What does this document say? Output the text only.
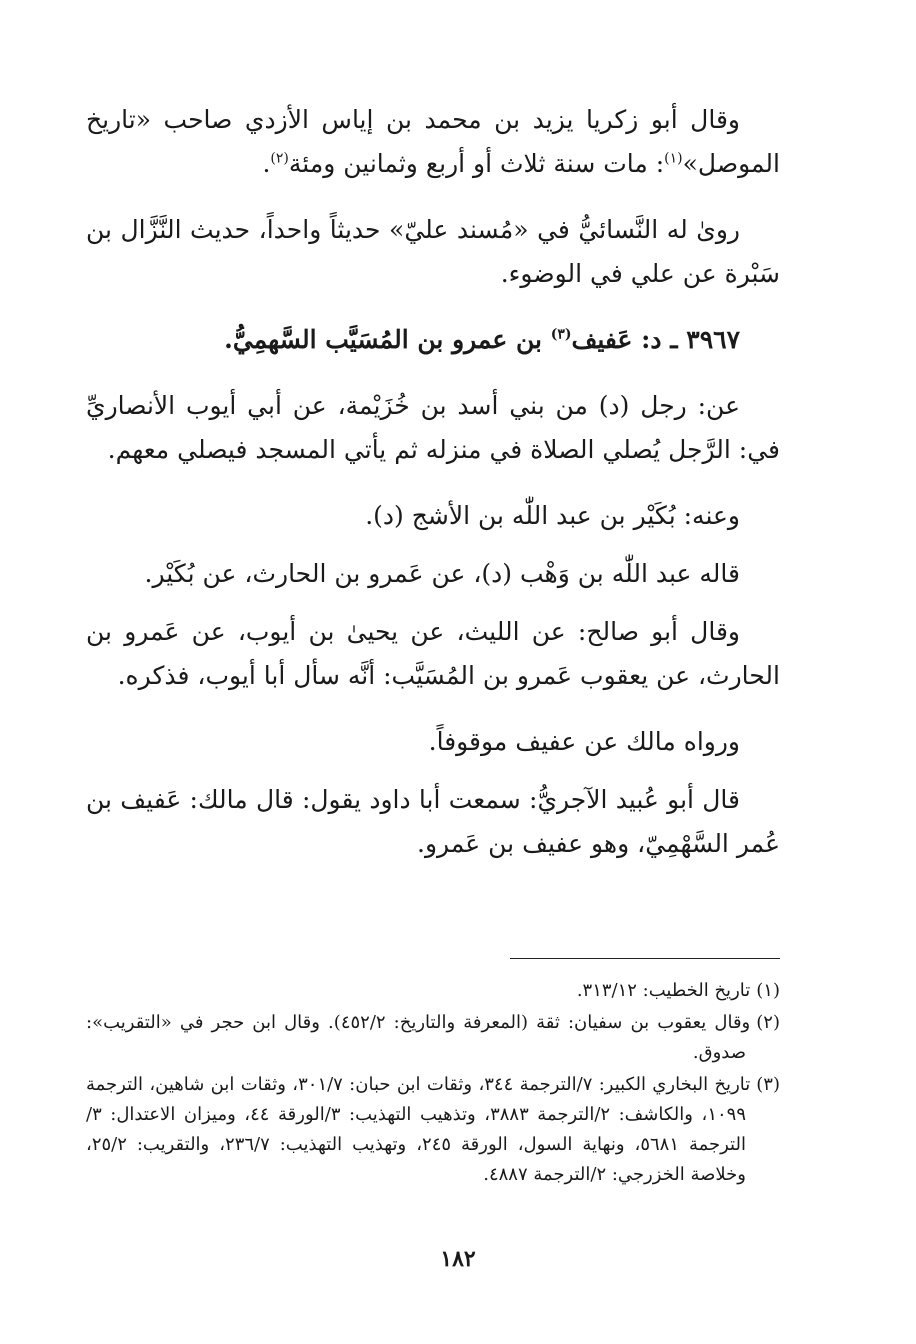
وقال أبو زكريا يزيد بن محمد بن إياس الأزدي صاحب «تاريخ الموصل»$^{(١)}$: مات سنة ثلاث أو أربع وثمانين ومئة$^{(٢)}$.

روىٰ له النَّسائيُّ في «مُسند عليّ» حديثاً واحداً، حديث النَّزَّال بن سَبْرة عن علي في الوضوء.

٣٩٦٧ ـ د: عَفيف$^{(٣)}$ بن عمرو بن المُسَيَّب السَّهمِيُّ.

عن: رجل (د) من بني أسد بن خُزَيْمة، عن أبي أيوب الأنصاريِّ في: الرَّجل يُصلي الصلاة في منزله ثم يأتي المسجد فيصلي معهم.

وعنه: بُكَيْر بن عبد اللّٰه بن الأشج (د).

قاله عبد اللّٰه بن وَهْب (د)، عن عَمرو بن الحارث، عن بُكَيْر.

وقال أبو صالح: عن الليث، عن يحيىٰ بن أيوب، عن عَمرو بن الحارث، عن يعقوب عَمرو بن المُسَيَّب: أنَّه سأل أبا أيوب، فذكره.

ورواه مالك عن عفيف موقوفاً.

قال أبو عُبيد الآجريُّ: سمعت أبا داود يقول: قال مالك: عَفيف بن عُمر السَّهْمِيّ، وهو عفيف بن عَمرو.

(١)تاريخ الخطيب: ٣١٣/١٢.

(٢)وقال يعقوب بن سفيان: ثقة (المعرفة والتاريخ: ٤٥٢/٢). وقال ابن حجر في «التقريب»: صدوق.

(٣)تاريخ البخاري الكبير: ٧/الترجمة ٣٤٤، وثقات ابن حبان: ٣٠١/٧، وثقات ابن شاهين، الترجمة ١٠٩٩، والكاشف: ٢/الترجمة ٣٨٨٣، وتذهيب التهذيب: ٣/الورقة ٤٤، وميزان الاعتدال: ٣/الترجمة ٥٦٨١، ونهاية السول، الورقة ٢٤٥، وتهذيب التهذيب: ٢٣٦/٧، والتقريب: ٢٥/٢، وخلاصة الخزرجي: ٢/الترجمة ٤٨٨٧.

١٨٢
